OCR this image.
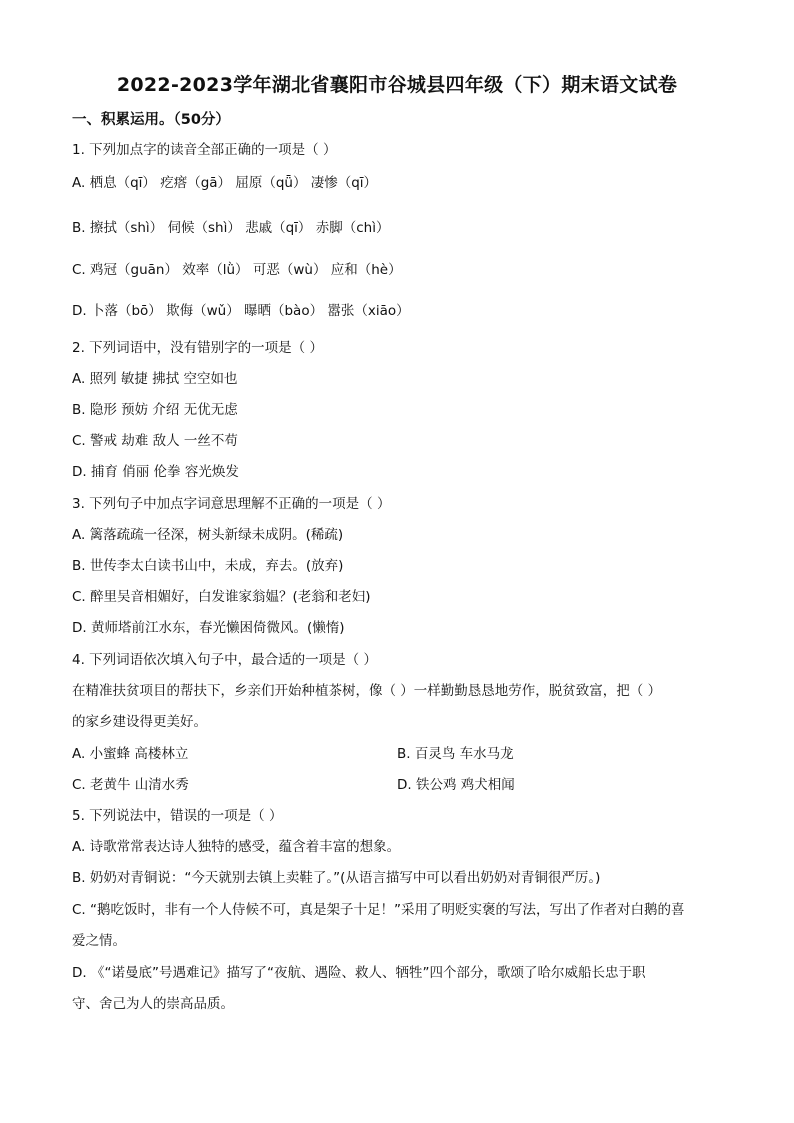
2022-2023学年湖北省襄阳市谷城县四年级（下）期末语文试卷
一、积累运用。（50分）
1. 下列加点字的读音全部正确的一项是（ ）
A. 栖息（qī） 疙瘩（gā） 屈原（qǖ） 凄惨（qī）
B. 擦拭（shì） 伺候（shì） 悲戚（qī） 赤脚（chì）
C. 鸡冠（guān） 效率（lǜ） 可恶（wù） 应和（hè）
D. 卜落（bō） 欺侮（wǔ） 曝晒（bào） 嚣张（xiāo）
2. 下列词语中，没有错别字的一项是（ ）
A. 照列 敏捷 拂拭 空空如也
B. 隐形 预妨 介绍 无优无虑
C. 警戒 劫难 敌人 一丝不苟
D. 捕育 俏丽 伦拳 容光焕发
3. 下列句子中加点字词意思理解不正确的一项是（ ）
A. 篱落疏疏一径深，树头新绿未成阴。(稀疏)
B. 世传李太白读书山中，未成，弃去。(放弃)
C. 醉里吴音相媚好，白发谁家翁媪？(老翁和老妇)
D. 黄师塔前江水东，春光懒困倚微风。(懒惰)
4. 下列词语依次填入句子中，最合适的一项是（ ）
在精准扶贫项目的帮扶下，乡亲们开始种植茶树，像（ ）一样勤勤恳恳地劳作，脱贫致富，把（ ）
的家乡建设得更美好。
A. 小蜜蜂 高楼林立	B. 百灵鸟 车水马龙
C. 老黄牛 山清水秀	D. 铁公鸡 鸡犬相闻
5. 下列说法中，错误的一项是（ ）
A. 诗歌常常表达诗人独特的感受，蕴含着丰富的想象。
B. 奶奶对青铜说：“今天就别去镇上卖鞋了。”(从语言描写中可以看出奶奶对青铜很严厉。)
C. “鹅吃饭时，非有一个人侍候不可，真是架子十足！”采用了明贬实褒的写法，写出了作者对白鹅的喜
爱之情。
D. 《“诺曼底”号遇难记》描写了“夜航、遇险、救人、牺牲”四个部分，歌颂了哈尔威船长忠于职
守、舍己为人的崇高品质。
